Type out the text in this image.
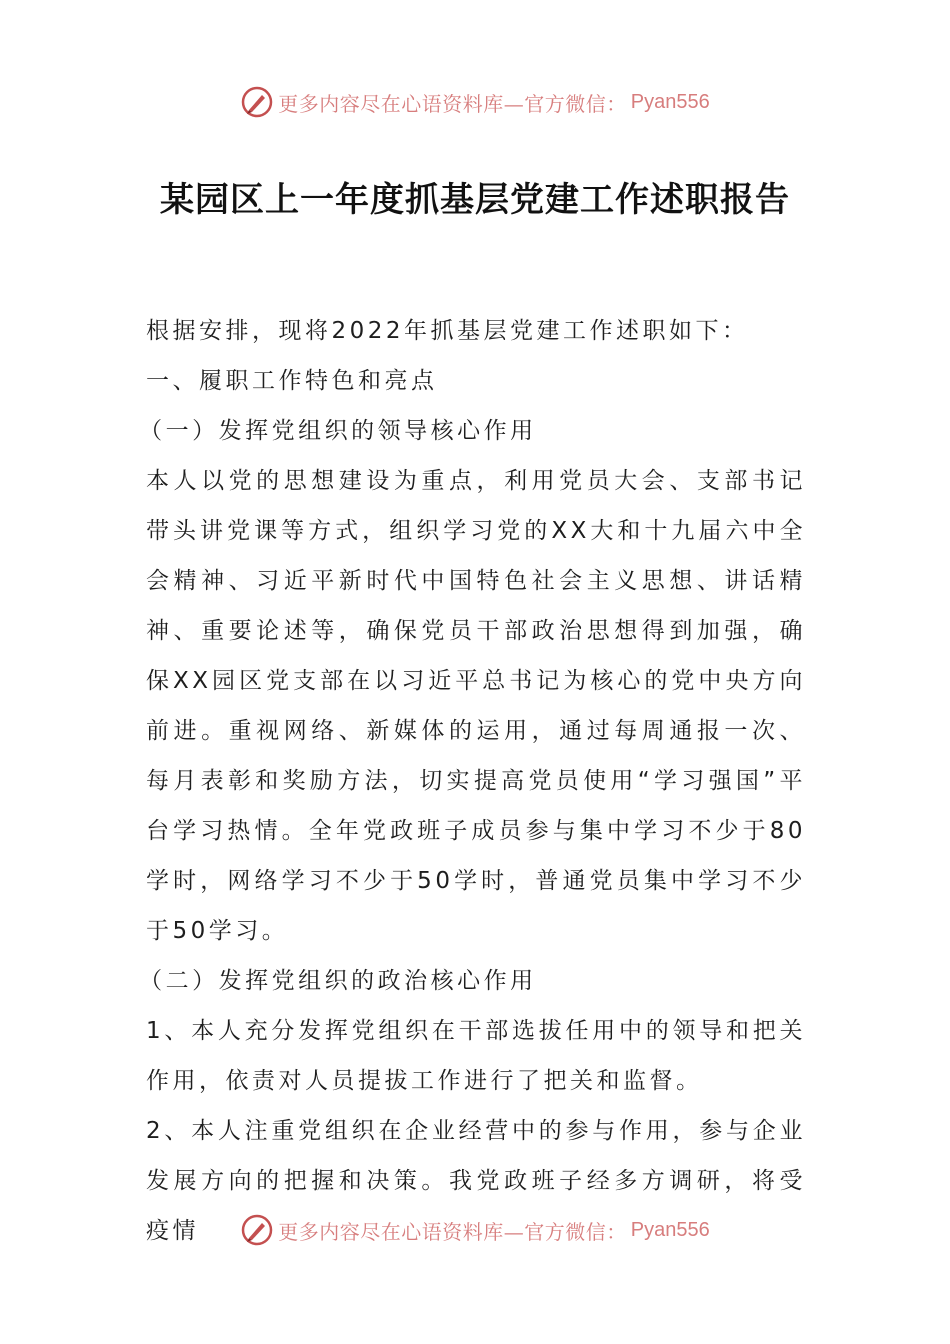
更多内容尽在心语资料库—官方微信： Pyan556
某园区上一年度抓基层党建工作述职报告

根据安排，现将2022年抓基层党建工作述职如下：

一、履职工作特色和亮点

（一）发挥党组织的领导核心作用

本人以党的思想建设为重点，利用党员大会、支部书记带头讲党课等方式，组织学习党的XX大和十九届六中全会精神、习近平新时代中国特色社会主义思想、讲话精神、重要论述等，确保党员干部政治思想得到加强，确保XX园区党支部在以习近平总书记为核心的党中央方向前进。重视网络、新媒体的运用，通过每周通报一次、每月表彰和奖励方法，切实提高党员使用“学习强国”平台学习热情。全年党政班子成员参与集中学习不少于80学时，网络学习不少于50学时，普通党员集中学习不少于50学习。

（二）发挥党组织的政治核心作用

1、本人充分发挥党组织在干部选拔任用中的领导和把关作用，依责对人员提拔工作进行了把关和监督。

2、本人注重党组织在企业经营中的参与作用，参与企业发展方向的把握和决策。我党政班子经多方调研，将受疫情	更多内容尽在心语资料库—官方微信： Pyan556
